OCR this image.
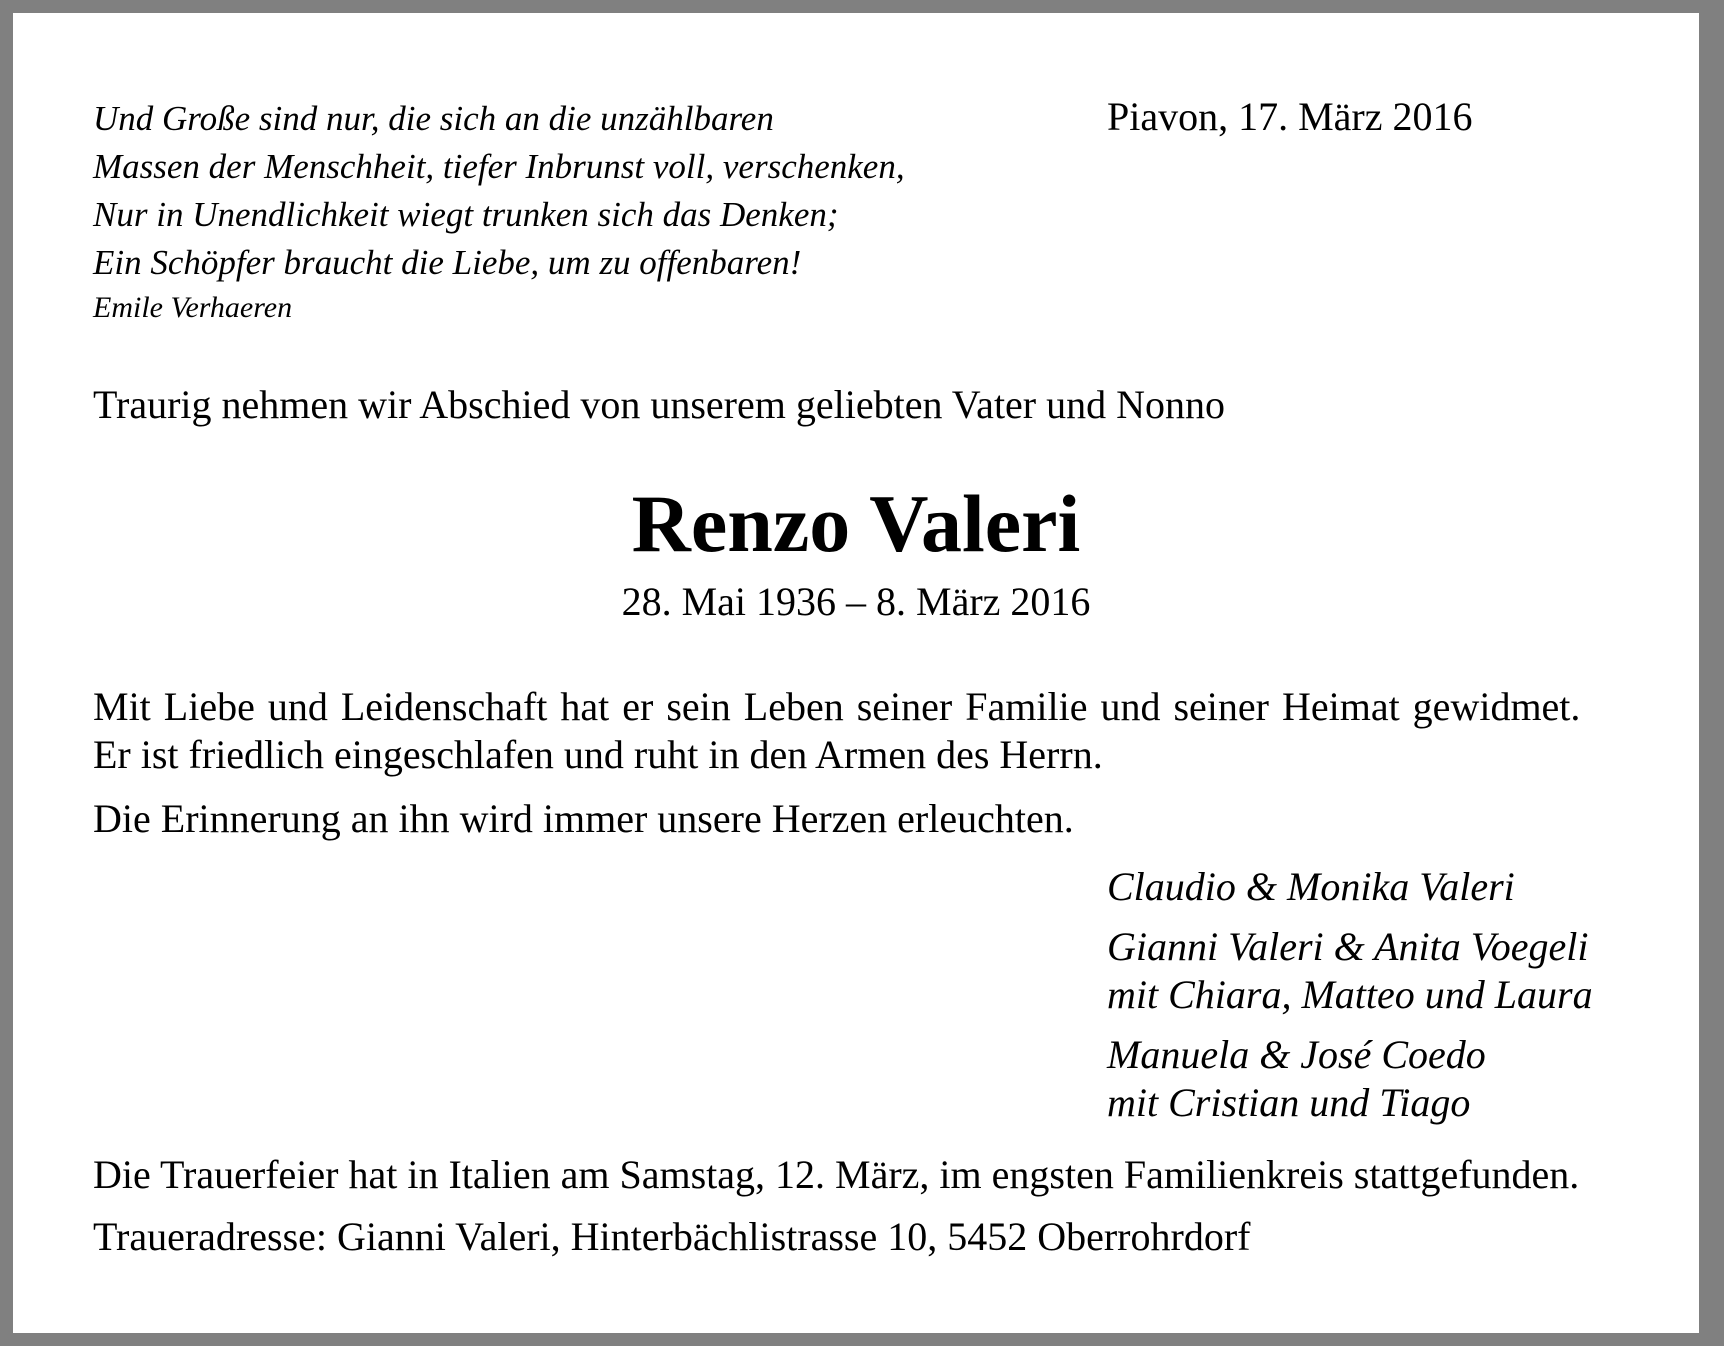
Und Große sind nur, die sich an die unzählbaren
Massen der Menschheit, tiefer Inbrunst voll, verschenken,
Nur in Unendlichkeit wiegt trunken sich das Denken;
Ein Schöpfer braucht die Liebe, um zu offenbaren!
Emile Verhaeren
Piavon, 17. März 2016
Traurig nehmen wir Abschied von unserem geliebten Vater und Nonno
Renzo Valeri
28. Mai 1936 – 8. März 2016
Mit Liebe und Leidenschaft hat er sein Leben seiner Familie und seiner Heimat gewidmet.
Er ist friedlich eingeschlafen und ruht in den Armen des Herrn.
Die Erinnerung an ihn wird immer unsere Herzen erleuchten.
Claudio & Monika Valeri
Gianni Valeri & Anita Voegeli
mit Chiara, Matteo und Laura
Manuela & José Coedo
mit Cristian und Tiago
Die Trauerfeier hat in Italien am Samstag, 12. März, im engsten Familienkreis stattgefunden.
Traueradresse: Gianni Valeri, Hinterbächlistrasse 10, 5452 Oberrohrdorf
